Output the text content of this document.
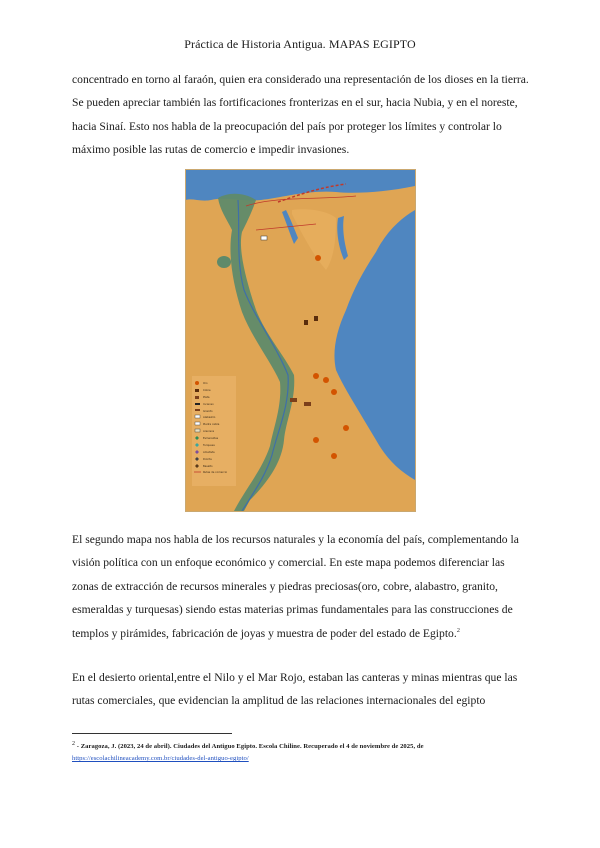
Práctica de Historia Antigua. MAPAS EGIPTO
concentrado en torno al faraón, quien era considerado una representación de los dioses en la tierra. Se pueden apreciar también las fortificaciones fronterizas en el sur, hacia Nubia, y en el noreste, hacia Sinaí. Esto nos habla de la preocupación del país por proteger los límites y controlar lo máximo posible las rutas de comercio e impedir invasiones.
Oro
Cobre
Plata
Incienso
Granito
Alabastro
Piedra caliza
Arenisca
Esmeraldas
Turquesa
Amatista
Diorita
Basalto
Rutas de comercio
El segundo mapa nos habla de los recursos naturales y la economía del país, complementando la visión política con un enfoque económico y comercial. En este mapa podemos diferenciar las zonas de extracción de recursos minerales y piedras preciosas(oro, cobre, alabastro, granito, esmeraldas y turquesas) siendo estas materias primas fundamentales para las construcciones de templos y pirámides, fabricación de joyas y muestra de poder del estado de Egipto.$^2$
En el desierto oriental,entre el Nilo y el Mar Rojo, estaban las canteras y minas mientras que las rutas comerciales, que evidencian la amplitud de las relaciones internacionales del egipto
2 - Zaragoza, J. (2023, 24 de abril). Ciudades del Antiguo Egipto. Escola Chiline. Recuperado el 4 de noviembre de 2025, de
https://escolachilineacademy.com.br/ciudades-del-antiguo-egipto/
